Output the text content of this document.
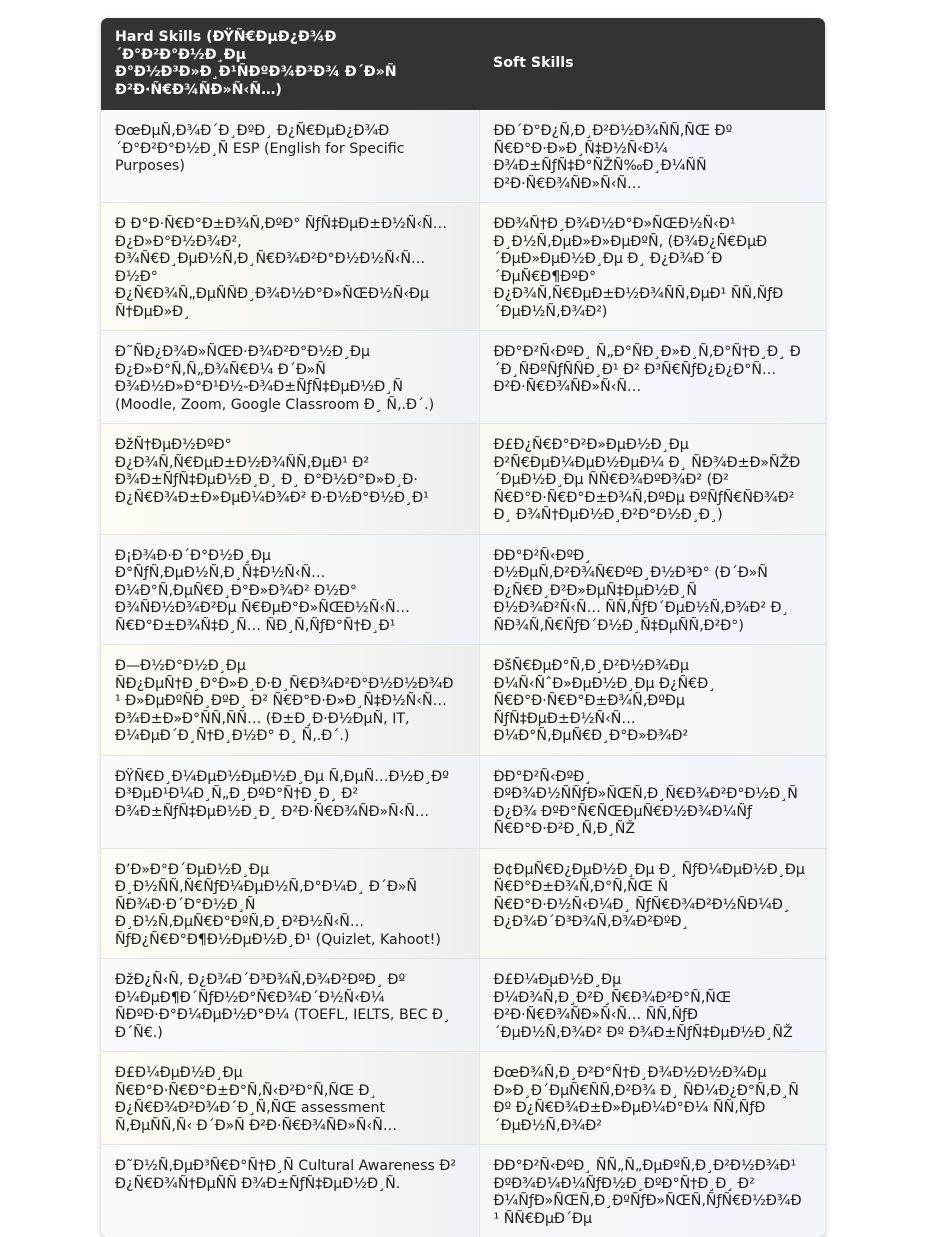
Hard Skills (ÐŸÑ€ÐµÐ¿Ð¾Ð´Ð°Ð²Ð°Ð½Ð¸Ðµ Ð°Ð½Ð³Ð»Ð¸Ð¹ÑÐºÐ¾Ð³Ð¾ Ð´Ð»Ñ Ð²Ð·Ñ€Ð¾ÑÐ»Ñ‹Ñ…)	Soft Skills
ÐœÐµÑ‚Ð¾Ð´Ð¸ÐºÐ¸ Ð¿Ñ€ÐµÐ¿Ð¾Ð´Ð°Ð²Ð°Ð½Ð¸Ñ ESP (English for Specific Purposes)	ÐÐ´Ð°Ð¿Ñ‚Ð¸Ð²Ð½Ð¾ÑÑ‚ÑŒ Ðº Ñ€Ð°Ð·Ð»Ð¸Ñ‡Ð½Ñ‹Ð¼ Ð¾Ð±ÑƒÑ‡Ð°ÑŽÑ‰Ð¸Ð¼ÑÑ Ð²Ð·Ñ€Ð¾ÑÐ»Ñ‹Ñ…
Ð Ð°Ð·Ñ€Ð°Ð±Ð¾Ñ‚ÐºÐ° ÑƒÑ‡ÐµÐ±Ð½Ñ‹Ñ… Ð¿Ð»Ð°Ð½Ð¾Ð², Ð¾Ñ€Ð¸ÐµÐ½Ñ‚Ð¸Ñ€Ð¾Ð²Ð°Ð½Ð½Ñ‹Ñ… Ð½Ð° Ð¿Ñ€Ð¾Ñ„ÐµÑÑÐ¸Ð¾Ð½Ð°Ð»ÑŒÐ½Ñ‹Ðµ Ñ†ÐµÐ»Ð¸	ÐÐ¾Ñ†Ð¸Ð¾Ð½Ð°Ð»ÑŒÐ½Ñ‹Ð¹ Ð¸Ð½Ñ‚ÐµÐ»Ð»ÐµÐºÑ‚ (Ð¾Ð¿Ñ€ÐµÐ´ÐµÐ»ÐµÐ½Ð¸Ðµ Ð¸ Ð¿Ð¾Ð´Ð´ÐµÑ€Ð¶ÐºÐ° Ð¿Ð¾Ñ‚Ñ€ÐµÐ±Ð½Ð¾ÑÑ‚ÐµÐ¹ ÑÑ‚ÑƒÐ´ÐµÐ½Ñ‚Ð¾Ð²)
Ð˜ÑÐ¿Ð¾Ð»ÑŒÐ·Ð¾Ð²Ð°Ð½Ð¸Ðµ Ð¿Ð»Ð°Ñ‚Ñ„Ð¾Ñ€Ð¼ Ð´Ð»Ñ Ð¾Ð½Ð»Ð°Ð¹Ð½-Ð¾Ð±ÑƒÑ‡ÐµÐ½Ð¸Ñ (Moodle, Zoom, Google Classroom Ð¸ Ñ‚.Ð´.)	ÐÐ°Ð²Ñ‹ÐºÐ¸ Ñ„Ð°ÑÐ¸Ð»Ð¸Ñ‚Ð°Ñ†Ð¸Ð¸ Ð´Ð¸ÑÐºÑƒÑÑÐ¸Ð¹ Ð² Ð³Ñ€ÑƒÐ¿Ð¿Ð°Ñ… Ð²Ð·Ñ€Ð¾ÑÐ»Ñ‹Ñ…
ÐžÑ†ÐµÐ½ÐºÐ° Ð¿Ð¾Ñ‚Ñ€ÐµÐ±Ð½Ð¾ÑÑ‚ÐµÐ¹ Ð² Ð¾Ð±ÑƒÑ‡ÐµÐ½Ð¸Ð¸ Ð¸ Ð°Ð½Ð°Ð»Ð¸Ð· Ð¿Ñ€Ð¾Ð±Ð»ÐµÐ¼Ð¾Ð² Ð·Ð½Ð°Ð½Ð¸Ð¹	Ð£Ð¿Ñ€Ð°Ð²Ð»ÐµÐ½Ð¸Ðµ Ð²Ñ€ÐµÐ¼ÐµÐ½ÐµÐ¼ Ð¸ ÑÐ¾Ð±Ð»ÑŽÐ´ÐµÐ½Ð¸Ðµ ÑÑ€Ð¾ÐºÐ¾Ð² (Ð² Ñ€Ð°Ð·Ñ€Ð°Ð±Ð¾Ñ‚ÐºÐµ ÐºÑƒÑ€ÑÐ¾Ð² Ð¸ Ð¾Ñ†ÐµÐ½Ð¸Ð²Ð°Ð½Ð¸Ð¸)
Ð¡Ð¾Ð·Ð´Ð°Ð½Ð¸Ðµ Ð°ÑƒÑ‚ÐµÐ½Ñ‚Ð¸Ñ‡Ð½Ñ‹Ñ… Ð¼Ð°Ñ‚ÐµÑ€Ð¸Ð°Ð»Ð¾Ð² Ð½Ð° Ð¾ÑÐ½Ð¾Ð²Ðµ Ñ€ÐµÐ°Ð»ÑŒÐ½Ñ‹Ñ… Ñ€Ð°Ð±Ð¾Ñ‡Ð¸Ñ… ÑÐ¸Ñ‚ÑƒÐ°Ñ†Ð¸Ð¹	ÐÐ°Ð²Ñ‹ÐºÐ¸ Ð½ÐµÑ‚Ð²Ð¾Ñ€ÐºÐ¸Ð½Ð³Ð° (Ð´Ð»Ñ Ð¿Ñ€Ð¸Ð²Ð»ÐµÑ‡ÐµÐ½Ð¸Ñ Ð½Ð¾Ð²Ñ‹Ñ… ÑÑ‚ÑƒÐ´ÐµÐ½Ñ‚Ð¾Ð² Ð¸ ÑÐ¾Ñ‚Ñ€ÑƒÐ´Ð½Ð¸Ñ‡ÐµÑÑ‚Ð²Ð°)
Ð—Ð½Ð°Ð½Ð¸Ðµ ÑÐ¿ÐµÑ†Ð¸Ð°Ð»Ð¸Ð·Ð¸Ñ€Ð¾Ð²Ð°Ð½Ð½Ð¾Ð¹ Ð»ÐµÐºÑÐ¸ÐºÐ¸ Ð² Ñ€Ð°Ð·Ð»Ð¸Ñ‡Ð½Ñ‹Ñ… Ð¾Ð±Ð»Ð°ÑÑ‚ÑÑ… (Ð±Ð¸Ð·Ð½ÐµÑ, IT, Ð¼ÐµÐ´Ð¸Ñ†Ð¸Ð½Ð° Ð¸ Ñ‚.Ð´.)	ÐšÑ€ÐµÐ°Ñ‚Ð¸Ð²Ð½Ð¾Ðµ Ð¼Ñ‹ÑˆÐ»ÐµÐ½Ð¸Ðµ Ð¿Ñ€Ð¸ Ñ€Ð°Ð·Ñ€Ð°Ð±Ð¾Ñ‚ÐºÐµ ÑƒÑ‡ÐµÐ±Ð½Ñ‹Ñ… Ð¼Ð°Ñ‚ÐµÑ€Ð¸Ð°Ð»Ð¾Ð²
ÐŸÑ€Ð¸Ð¼ÐµÐ½ÐµÐ½Ð¸Ðµ Ñ‚ÐµÑ…Ð½Ð¸Ðº Ð³ÐµÐ¹Ð¼Ð¸Ñ„Ð¸ÐºÐ°Ñ†Ð¸Ð¸ Ð² Ð¾Ð±ÑƒÑ‡ÐµÐ½Ð¸Ð¸ Ð²Ð·Ñ€Ð¾ÑÐ»Ñ‹Ñ…	ÐÐ°Ð²Ñ‹ÐºÐ¸ ÐºÐ¾Ð½ÑÑƒÐ»ÑŒÑ‚Ð¸Ñ€Ð¾Ð²Ð°Ð½Ð¸Ñ Ð¿Ð¾ ÐºÐ°Ñ€ÑŒÐµÑ€Ð½Ð¾Ð¼Ñƒ Ñ€Ð°Ð·Ð²Ð¸Ñ‚Ð¸ÑŽ
Ð’Ð»Ð°Ð´ÐµÐ½Ð¸Ðµ Ð¸Ð½ÑÑ‚Ñ€ÑƒÐ¼ÐµÐ½Ñ‚Ð°Ð¼Ð¸ Ð´Ð»Ñ ÑÐ¾Ð·Ð´Ð°Ð½Ð¸Ñ Ð¸Ð½Ñ‚ÐµÑ€Ð°ÐºÑ‚Ð¸Ð²Ð½Ñ‹Ñ… ÑƒÐ¿Ñ€Ð°Ð¶Ð½ÐµÐ½Ð¸Ð¹ (Quizlet, Kahoot!)	Ð¢ÐµÑ€Ð¿ÐµÐ½Ð¸Ðµ Ð¸ ÑƒÐ¼ÐµÐ½Ð¸Ðµ Ñ€Ð°Ð±Ð¾Ñ‚Ð°Ñ‚ÑŒ Ñ Ñ€Ð°Ð·Ð½Ñ‹Ð¼Ð¸ ÑƒÑ€Ð¾Ð²Ð½ÑÐ¼Ð¸ Ð¿Ð¾Ð´Ð³Ð¾Ñ‚Ð¾Ð²ÐºÐ¸
ÐžÐ¿Ñ‹Ñ‚ Ð¿Ð¾Ð´Ð³Ð¾Ñ‚Ð¾Ð²ÐºÐ¸ Ðº Ð¼ÐµÐ¶Ð´ÑƒÐ½Ð°Ñ€Ð¾Ð´Ð½Ñ‹Ð¼ ÑÐºÐ·Ð°Ð¼ÐµÐ½Ð°Ð¼ (TOEFL, IELTS, BEC Ð¸ Ð´Ñ€.)	Ð£Ð¼ÐµÐ½Ð¸Ðµ Ð¼Ð¾Ñ‚Ð¸Ð²Ð¸Ñ€Ð¾Ð²Ð°Ñ‚ÑŒ Ð²Ð·Ñ€Ð¾ÑÐ»Ñ‹Ñ… ÑÑ‚ÑƒÐ´ÐµÐ½Ñ‚Ð¾Ð² Ðº Ð¾Ð±ÑƒÑ‡ÐµÐ½Ð¸ÑŽ
Ð£Ð¼ÐµÐ½Ð¸Ðµ Ñ€Ð°Ð·Ñ€Ð°Ð±Ð°Ñ‚Ñ‹Ð²Ð°Ñ‚ÑŒ Ð¸ Ð¿Ñ€Ð¾Ð²Ð¾Ð´Ð¸Ñ‚ÑŒ assessment Ñ‚ÐµÑÑ‚Ñ‹ Ð´Ð»Ñ Ð²Ð·Ñ€Ð¾ÑÐ»Ñ‹Ñ…	ÐœÐ¾Ñ‚Ð¸Ð²Ð°Ñ†Ð¸Ð¾Ð½Ð½Ð¾Ðµ Ð»Ð¸Ð´ÐµÑ€ÑÑ‚Ð²Ð¾ Ð¸ ÑÐ¼Ð¿Ð°Ñ‚Ð¸Ñ Ðº Ð¿Ñ€Ð¾Ð±Ð»ÐµÐ¼Ð°Ð¼ ÑÑ‚ÑƒÐ´ÐµÐ½Ñ‚Ð¾Ð²
Ð˜Ð½Ñ‚ÐµÐ³Ñ€Ð°Ñ†Ð¸Ñ Cultural Awareness Ð² Ð¿Ñ€Ð¾Ñ†ÐµÑÑ Ð¾Ð±ÑƒÑ‡ÐµÐ½Ð¸Ñ.	ÐÐ°Ð²Ñ‹ÐºÐ¸ ÑÑ„Ñ„ÐµÐºÑ‚Ð¸Ð²Ð½Ð¾Ð¹ ÐºÐ¾Ð¼Ð¼ÑƒÐ½Ð¸ÐºÐ°Ñ†Ð¸Ð¸ Ð² Ð¼ÑƒÐ»ÑŒÑ‚Ð¸ÐºÑƒÐ»ÑŒÑ‚ÑƒÑ€Ð½Ð¾Ð¹ ÑÑ€ÐµÐ´Ðµ
